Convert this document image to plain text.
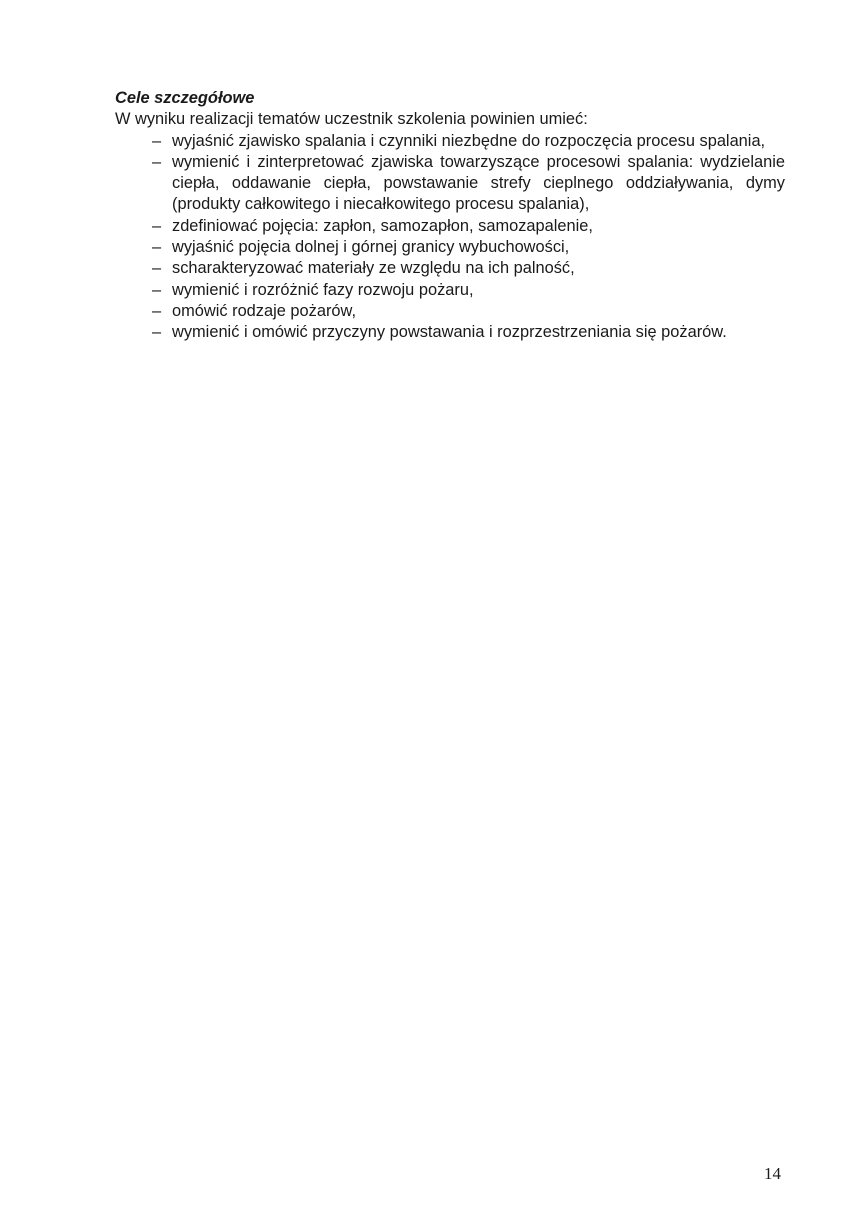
Cele szczegółowe

W wyniku realizacji tematów uczestnik szkolenia powinien umieć:

– wyjaśnić zjawisko spalania i czynniki niezbędne do rozpoczęcia procesu spalania,
– wymienić i zinterpretować zjawiska towarzyszące procesowi spalania: wydzielanie ciepła, oddawanie ciepła, powstawanie strefy cieplnego oddziaływania, dymy (produkty całkowitego i niecałkowitego procesu spalania),
– zdefiniować pojęcia: zapłon, samozapłon, samozapalenie,
– wyjaśnić pojęcia dolnej i górnej granicy wybuchowości,
– scharakteryzować materiały ze względu na ich palność,
– wymienić i rozróżnić fazy rozwoju pożaru,
– omówić rodzaje pożarów,
– wymienić i omówić przyczyny powstawania i rozprzestrzeniania się pożarów.
14
